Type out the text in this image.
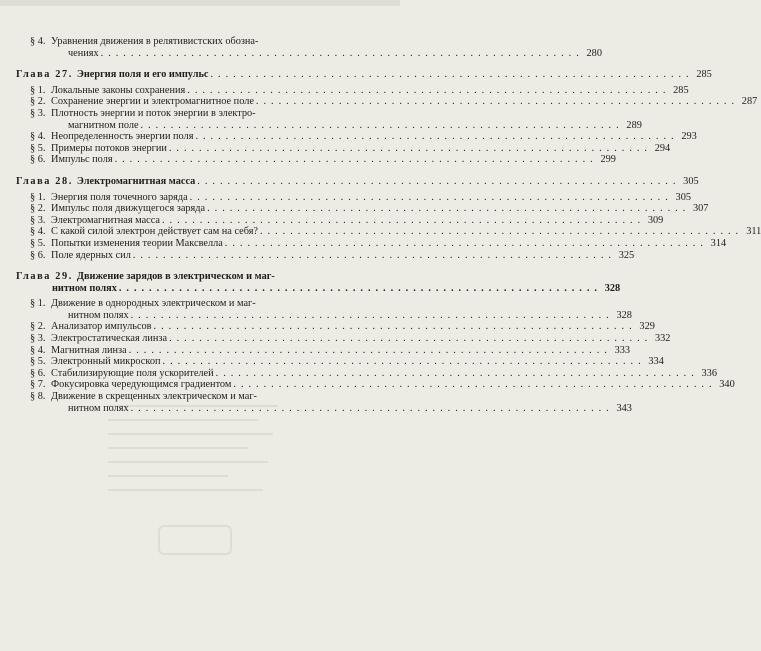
§ 4. Уравнения движения в релятивистских обозна-
чениях . . .	280
Глава 27. Энергия поля и его импульс . . .	285
§ 1. Локальные законы сохранения . . .	285
§ 2. Сохранение энергии и электромагнитное поле . . .	287
§ 3. Плотность энергии и поток энергии в электро-
магнитном поле . . .	289
§ 4. Неопределенность энергии поля . . .	293
§ 5. Примеры потоков энергии . . .	294
§ 6. Импульс поля . . .	299
Глава 28. Электромагнитная масса . . .	305
§ 1. Энергия поля точечного заряда . . .	305
§ 2. Импульс поля движущегося заряда . . .	307
§ 3. Электромагнитная масса . . .	309
§ 4. С какой силой электрон действует сам на себя? . . .	311
§ 5. Попытки изменения теории Максвелла . . .	314
§ 6. Поле ядерных сил . . .	325
Глава 29. Движение зарядов в электрическом и маг-
нитном полях . . .	328
§ 1. Движение в однородных электрическом и маг-
нитном полях . . .	328
§ 2. Анализатор импульсов . . .	329
§ 3. Электростатическая линза . . .	332
§ 4. Магнитная линза . . .	333
§ 5. Электронный микроскоп . . .	334
§ 6. Стабилизирующие поля ускорителей . . .	336
§ 7. Фокусировка чередующимся градиентом . . .	340
§ 8. Движение в скрещенных электрическом и маг-
нитном полях . . .	343
